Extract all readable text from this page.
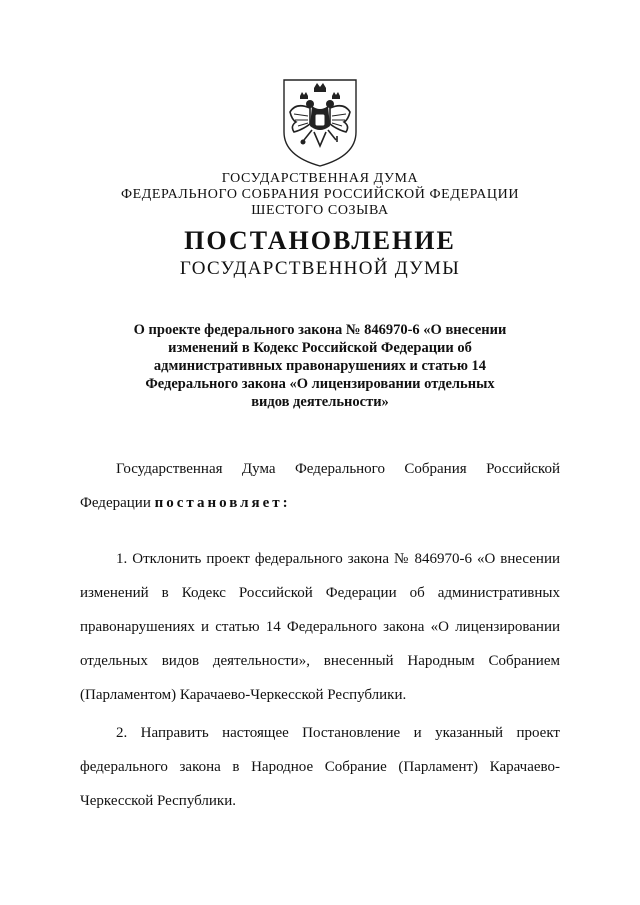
ГОСУДАРСТВЕННАЯ ДУМА
ФЕДЕРАЛЬНОГО СОБРАНИЯ РОССИЙСКОЙ ФЕДЕРАЦИИ
ШЕСТОГО СОЗЫВА
ПОСТАНОВЛЕНИЕ
ГОСУДАРСТВЕННОЙ ДУМЫ
О проекте федерального закона № 846970-6 «О внесении
изменений в Кодекс Российской Федерации об
административных правонарушениях и статью 14
Федерального закона «О лицензировании отдельных
видов деятельности»
Государственная Дума Федерального Собрания Российской
Федерации постановляет:
1. Отклонить проект федерального закона № 846970-6 «О внесении
изменений в Кодекс Российской Федерации об административных
правонарушениях и статью 14 Федерального закона «О лицензировании
отдельных видов деятельности», внесенный Народным Собранием
(Парламентом) Карачаево-Черкесской Республики.
2. Направить настоящее Постановление и указанный проект
федерального закона в Народное Собрание (Парламент) Карачаево-
Черкесской Республики.
